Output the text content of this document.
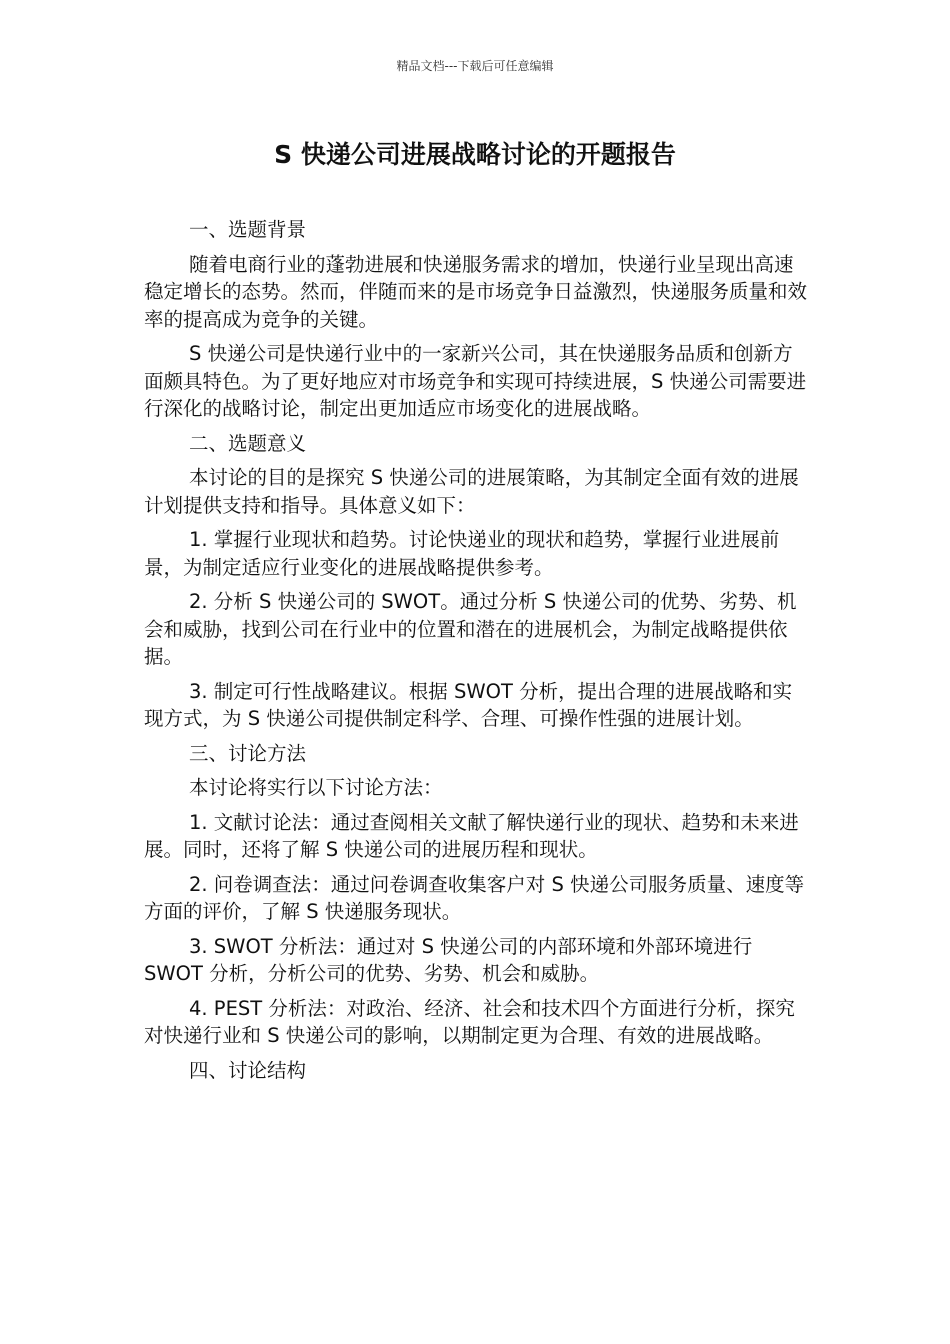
精品文档---下载后可任意编辑
S 快递公司进展战略讨论的开题报告

一、选题背景

随着电商行业的蓬勃进展和快递服务需求的增加，快递行业呈现出高速稳定增长的态势。然而，伴随而来的是市场竞争日益激烈，快递服务质量和效率的提高成为竞争的关键。

S 快递公司是快递行业中的一家新兴公司，其在快递服务品质和创新方面颇具特色。为了更好地应对市场竞争和实现可持续进展，S 快递公司需要进行深化的战略讨论，制定出更加适应市场变化的进展战略。

二、选题意义

本讨论的目的是探究 S 快递公司的进展策略，为其制定全面有效的进展计划提供支持和指导。具体意义如下：

1. 掌握行业现状和趋势。讨论快递业的现状和趋势，掌握行业进展前景，为制定适应行业变化的进展战略提供参考。

2. 分析 S 快递公司的 SWOT。通过分析 S 快递公司的优势、劣势、机会和威胁，找到公司在行业中的位置和潜在的进展机会，为制定战略提供依据。

3. 制定可行性战略建议。根据 SWOT 分析，提出合理的进展战略和实现方式，为 S 快递公司提供制定科学、合理、可操作性强的进展计划。

三、讨论方法

本讨论将实行以下讨论方法：

1. 文献讨论法：通过查阅相关文献了解快递行业的现状、趋势和未来进展。同时，还将了解 S 快递公司的进展历程和现状。

2. 问卷调查法：通过问卷调查收集客户对 S 快递公司服务质量、速度等方面的评价，了解 S 快递服务现状。

3. SWOT 分析法：通过对 S 快递公司的内部环境和外部环境进行 SWOT 分析，分析公司的优势、劣势、机会和威胁。

4. PEST 分析法：对政治、经济、社会和技术四个方面进行分析，探究对快递行业和 S 快递公司的影响，以期制定更为合理、有效的进展战略。

四、讨论结构
